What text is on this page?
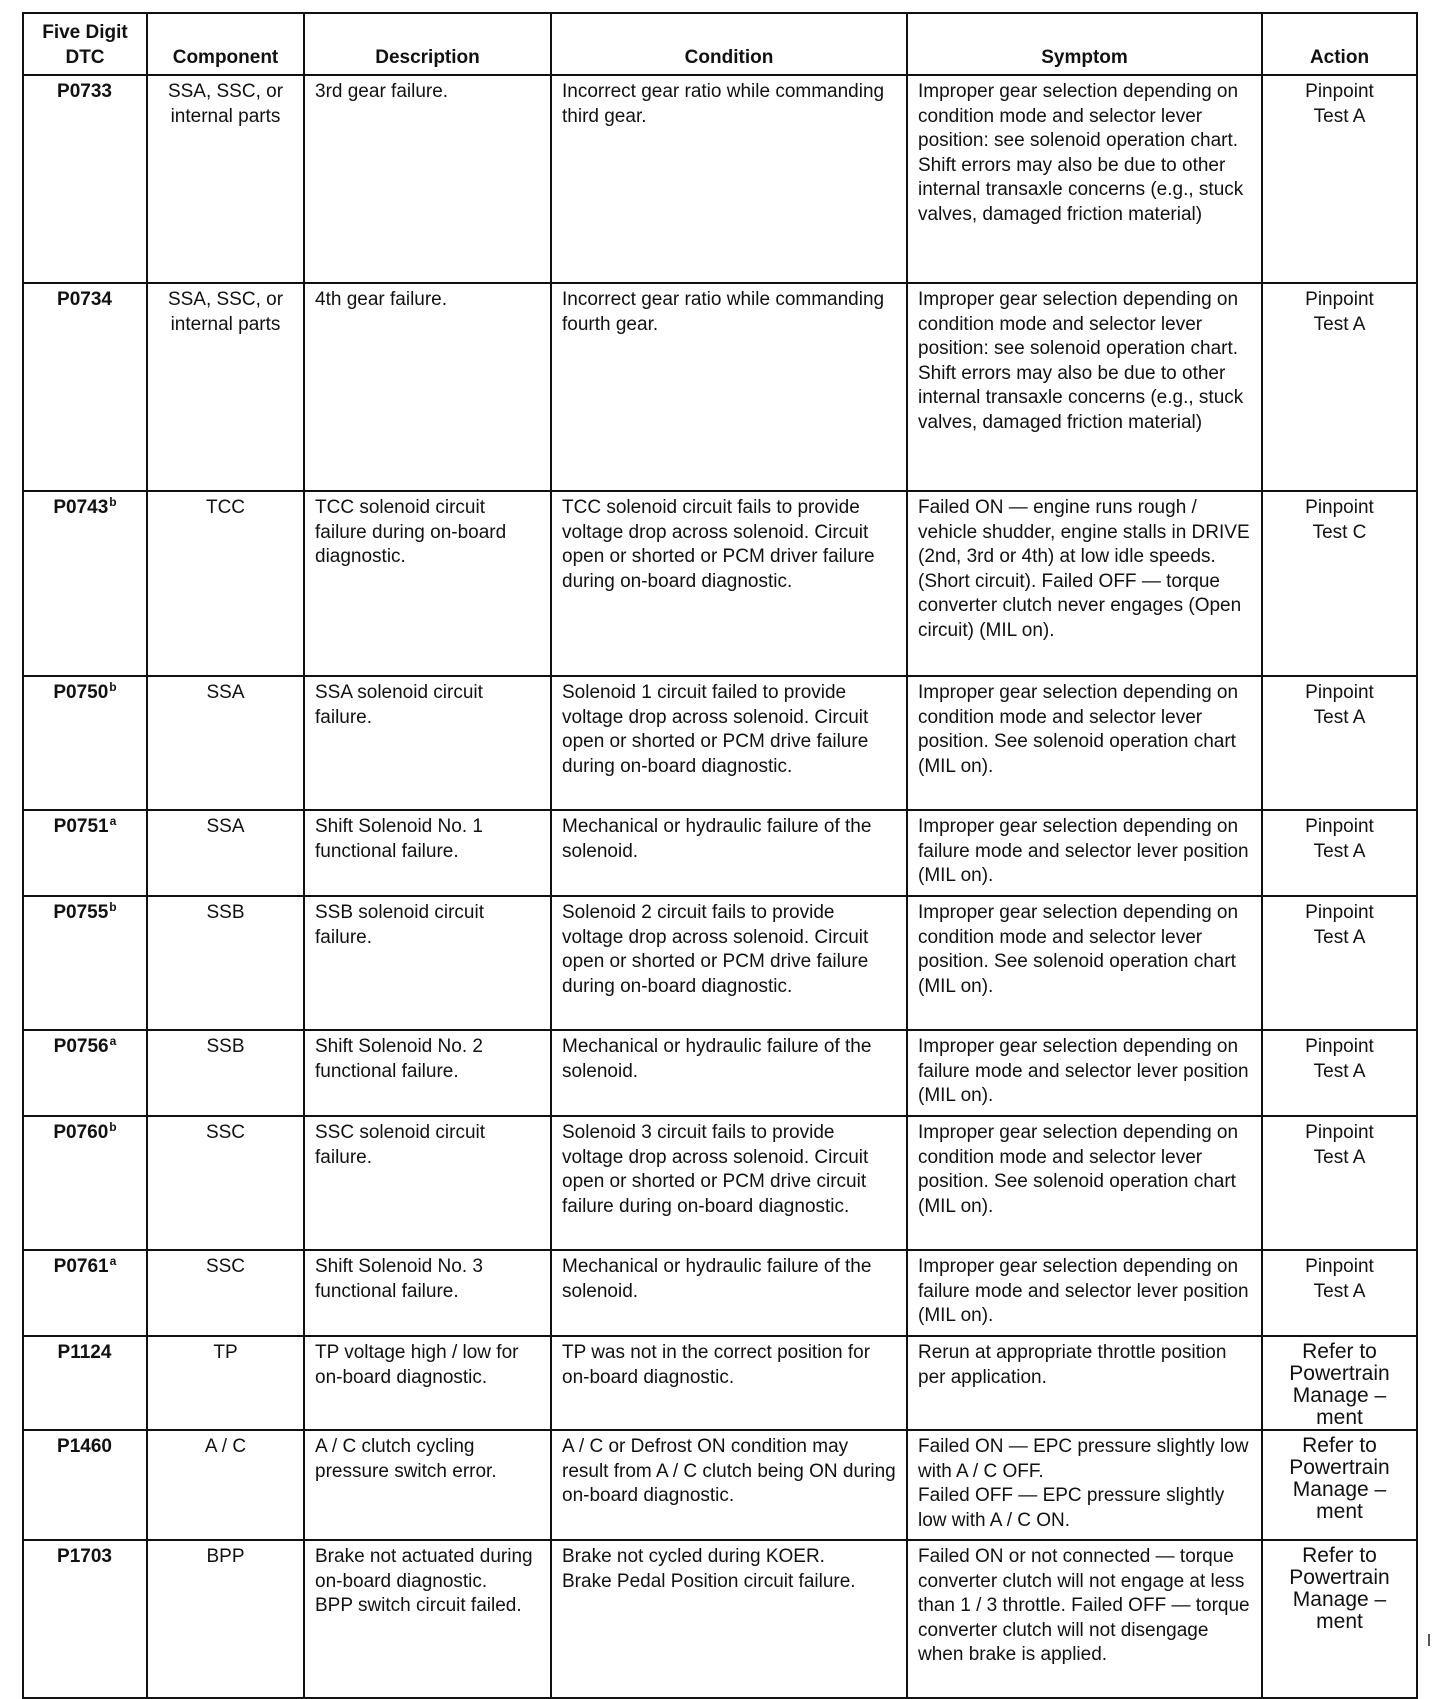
Five Digit
DTC	Component	Description	Condition	Symptom	Action
P0733	SSA, SSC, or internal parts	3rd gear failure.	Incorrect gear ratio while commanding third gear.	Improper gear selection depending on condition mode and selector lever position: see solenoid operation chart. Shift errors may also be due to other internal transaxle concerns (e.g., stuck valves, damaged friction material)	Pinpoint
Test A
P0734	SSA, SSC, or internal parts	4th gear failure.	Incorrect gear ratio while commanding fourth gear.	Improper gear selection depending on condition mode and selector lever position: see solenoid operation chart. Shift errors may also be due to other internal transaxle concerns (e.g., stuck valves, damaged friction material)	Pinpoint
Test A
P0743$^b$	TCC	TCC solenoid circuit failure during on-board diagnostic.	TCC solenoid circuit fails to provide voltage drop across solenoid. Circuit open or shorted or PCM driver failure during on-board diagnostic.	Failed ON — engine runs rough / vehicle shudder, engine stalls in DRIVE (2nd, 3rd or 4th) at low idle speeds. (Short circuit). Failed OFF — torque converter clutch never engages (Open circuit) (MIL on).	Pinpoint
Test C
P0750$^b$	SSA	SSA solenoid circuit failure.	Solenoid 1 circuit failed to provide voltage drop across solenoid. Circuit open or shorted or PCM drive failure during on-board diagnostic.	Improper gear selection depending on condition mode and selector lever position. See solenoid operation chart (MIL on).	Pinpoint
Test A
P0751$^a$	SSA	Shift Solenoid No. 1 functional failure.	Mechanical or hydraulic failure of the solenoid.	Improper gear selection depending on failure mode and selector lever position (MIL on).	Pinpoint
Test A
P0755$^b$	SSB	SSB solenoid circuit failure.	Solenoid 2 circuit fails to provide voltage drop across solenoid. Circuit open or shorted or PCM drive failure during on-board diagnostic.	Improper gear selection depending on condition mode and selector lever position. See solenoid operation chart (MIL on).	Pinpoint
Test A
P0756$^a$	SSB	Shift Solenoid No. 2 functional failure.	Mechanical or hydraulic failure of the solenoid.	Improper gear selection depending on failure mode and selector lever position (MIL on).	Pinpoint
Test A
P0760$^b$	SSC	SSC solenoid circuit failure.	Solenoid 3 circuit fails to provide voltage drop across solenoid. Circuit open or shorted or PCM drive circuit failure during on-board diagnostic.	Improper gear selection depending on condition mode and selector lever position. See solenoid operation chart (MIL on).	Pinpoint
Test A
P0761$^a$	SSC	Shift Solenoid No. 3 functional failure.	Mechanical or hydraulic failure of the solenoid.	Improper gear selection depending on failure mode and selector lever position (MIL on).	Pinpoint
Test A
P1124	TP	TP voltage high / low for on-board diagnostic.	TP was not in the correct position for on-board diagnostic.	Rerun at appropriate throttle position per application.	Refer to
Powertrain
Manage –
ment
P1460	A / C	A / C clutch cycling pressure switch error.	A / C or Defrost ON condition may result from A / C clutch being ON during on-board diagnostic.	Failed ON — EPC pressure slightly low with A / C OFF.
Failed OFF — EPC pressure slightly low with A / C ON.	Refer to
Powertrain
Manage –
ment
P1703	BPP	Brake not actuated during on-board diagnostic.
BPP switch circuit failed.	Brake not cycled during KOER.
Brake Pedal Position circuit failure.	Failed ON or not connected — torque converter clutch will not engage at less than 1 / 3 throttle. Failed OFF — torque converter clutch will not disengage when brake is applied.	Refer to
Powertrain
Manage –
ment
